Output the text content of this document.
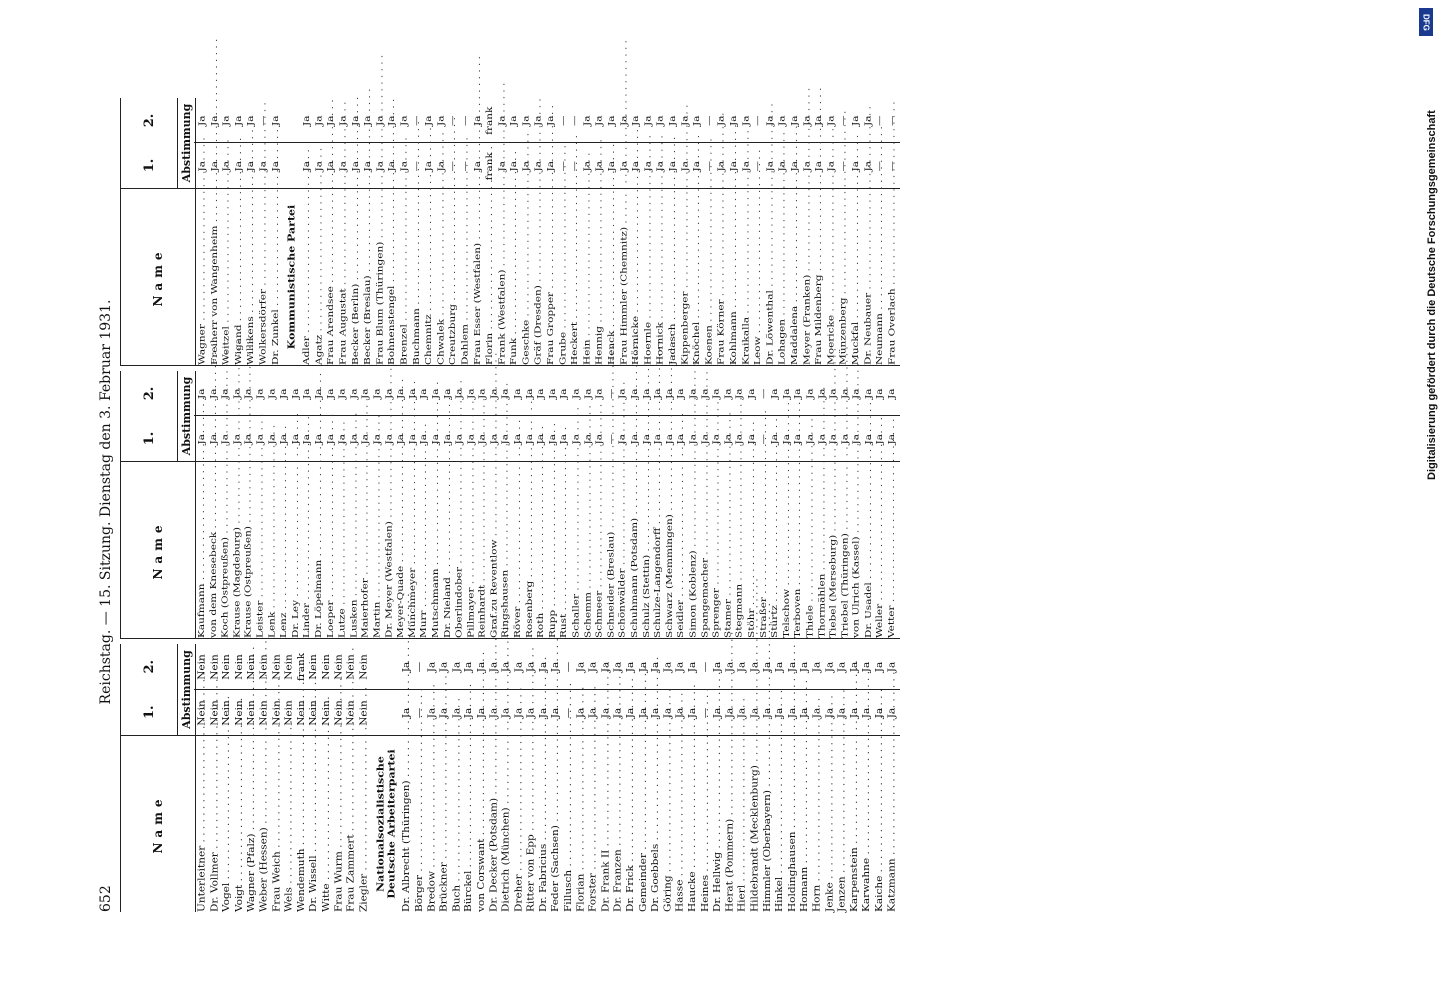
652
Reichstag. — 15. Sitzung. Dienstag den 3. Februar 1931.
Name
1.
2. Abstimmung
Unterleitner . . .
Nein
Nein
Dr. Vollmer . . .
Nein
Nein
Vogel . . .
Nein
Nein
Voigt . . .
Nein
Nein
Wagner (Pfalz) . . .
Nein
Nein
Weber (Hessen) . . .
Nein
Nein
Frau Weich . . .
Nein
Nein
Wels . . .
Nein
Nein
Wendemuth . . .
Nein
frank
Dr. Wissell . . .
Nein
Nein
Witte . . .
Nein
Nein
Frau Wurm . . .
Nein
Nein
Frau Zammert . . .
Nein
Nein
Ziegler . . .
Nein
Nein
Nationalsozialistische Deutsche Arbeiterpartei Dr. Albrecht (Thüringen) . . .
Ja
Ja
Börger . . .
—
—
Bredow . . .
Ja
Ja
Brückner . . .
Ja
Ja
Buch . . .
Ja
Ja
Bürckel . . .
Ja
Ja
von Corswant . . .
Ja
Ja
Dr. Decker (Potsdam) . . .
Ja
Ja
Dietrich (München) . . .
Ja
Ja
Dreher . . .
Ja
Ja
Ritter von Epp . . .
Ja
Ja
Dr. Fabricius . . .
Ja
Ja
Feder (Sachsen) . . .
Ja
Ja
Fillusch . . .
—
—
Florian . . .
Ja
Ja
Forster . . .
Ja
Ja
Dr. Frank II . . .
Ja
Ja
Dr. Franzen . . .
Ja
Ja
Dr. Frick . . .
Ja
Ja
Gemeinder . . .
Ja
Ja
Dr. Goebbels . . .
Ja
Ja
Göring . . .
Ja
Ja
Hasse . . .
Ja
Ja
Haucke . . .
Ja
Ja
Heines . . .
—
—
Dr. Hellwig . . .
Ja
Ja
Herat (Pommern) . . .
Ja
Ja
Hierl . . .
Ja
Ja
Hildebrandt (Mecklenburg) . . .
Ja
Ja
Himmler (Oberbayern) . . .
Ja
Ja
Hinkel . . .
Ja
Ja
Holdinghausen . . .
Ja
Ja
Homann . . .
Ja
Ja
Horn . . .
Ja
Ja
Jenke . . .
Ja
Ja
Jenzen . . .
Ja
Ja
Karpenstein . . .
Ja
Ja
Karwahne . . .
Ja
Ja
Kaiche . . .
Ja
Ja
Katzmann . . .
Ja
Ja
Name
1.
2. Abstimmung
Kaufmann . . .
Ja
Ja
von dem Knesebeck . . .
Ja
Ja
Koch (Ostpreußen) . . .
Ja
Ja
Krause (Magdeburg) . . .
Ja
Ja
Krause (Ostpreußen) . . .
Ja
Ja
Leister . . .
Ja
Ja
Lenk . . .
Ja
Ja
Lenz . . .
Ja
Ja
Dr. Ley . . .
Ja
Ja
Linder . . .
Ja
Ja
Dr. Löpelmann . . .
Ja
Ja
Loeper . . .
Ja
Ja
Lutze . . .
Ja
Ja
Lusken . . .
Ja
Ja
Maierhofer . . .
Ja
Ja
Martin . . .
Ja
Ja
Dr. Meyer (Westfalen) . . .
Ja
Ja
Meyer-Quade . . .
Ja
Ja
Münchmeyer . . .
Ja
Ja
Murr . . .
Ja
Ja
Mutschmann . . .
Ja
Ja
Dr. Nieland . . .
Ja
Ja
Oberlindober . . .
Ja
Ja
Pillmayer . . .
Ja
Ja
Reinhardt . . .
Ja
Ja
Graf zu Reventlow . . .
Ja
Ja
Ringshausen . . .
Ja
Ja
Röver . . .
Ja
Ja
Rosenberg . . .
Ja
Ja
Roth . . .
Ja
Ja
Rupp . . .
Ja
Ja
Rust . . .
Ja
Ja
Schaller . . .
Ja
Ja
Schemm . . .
Ja
Ja
Schmeer . . .
Ja
Ja
Schneider (Breslau) . . .
—
—
Schönwälder . . .
Ja
Ja
Schuhmann (Potsdam) . . .
Ja
Ja
Schulz (Stettin) . . .
Ja
Ja
Schulze-Langendorff . . .
Ja
Ja
Schwarz (Memmingen) . . .
Ja
Ja
Seidler . . .
Ja
Ja
Simon (Koblenz) . . .
Ja
Ja
Spangemacher . . .
Ja
Ja
Sprenger . . .
Ja
Ja
Stamer . . .
Ja
Ja
Stegmann . . .
Ja
Ja
Stöhr . . .
Ja
Ja
Straßer . . .
—
—
Stürtz . . .
Ja
Ja
Telschow . . .
Ja
Ja
Terboven . . .
Ja
Ja
Thiele . . .
Ja
Ja
Thormählen . . .
Ja
Ja
Tiebel (Merseburg) . . .
Ja
Ja
Triebel (Thüringen) . . .
Ja
Ja
von Ulrich (Kassel) . . .
Ja
Ja
Dr. Usadel . . .
Ja
Ja
Weller . . .
Ja
Ja
Vetter . . .
Ja
Ja
Name
1.
2. Abstimmung
Wagner . . .
Ja
Ja
Freiherr von Wangenheim . . .
Ja
Ja
Weitzel . . .
Ja
Ja
Wigand . . .
Ja
Ja
Willikens . . .
Ja
Ja
Wolkersdörfer . . .
Ja
—
Dr. Zunkel . . .
Ja
Ja
Kommunistische Partei
Adler . . .
Ja
Ja
Agatz . . .
Ja
Ja
Frau Arendsee . . .
Ja
Ja
Frau Augustat . . .
Ja
Ja
Becker (Berlin) . . .
Ja
Ja
Becker (Breslau) . . .
Ja
Ja
Frau Blum (Thüringen) . . .
Ja
Ja
Bohnenstengel . . .
Ja
Ja
Brenzel . . .
Ja
Ja
Buchmann . . .
—
—
Chemnitz . . .
Ja
Ja
Chwalek . . .
Ja
Ja
Creutzburg . . .
—
—
Dahlem . . .
—
—
Frau Esser (Westfalen) . . .
Ja
Ja
Florin . . .
frank
frank
Frank (Westfalen) . . .
Ja
Ja
Funk . . .
Ja
Ja
Geschke . . .
Ja
Ja
Gräf (Dresden) . . .
Ja
Ja
Frau Gropper . . .
Ja
Ja
Grube . . .
—
—
Heckert . . .
—
—
Hein . . .
Ja
Ja
Hennig . . .
Ja
Ja
Henck . . .
Ja
Ja
Frau Himmler (Chemnitz) . . .
Ja
Ja
Hörnicke . . .
Ja
Ja
Hoernle . . .
Ja
Ja
Hornick . . .
Ja
Ja
Jadasch . . .
Ja
Ja
Kippenberger . . .
Ja
Ja
Knöchel . . .
Ja
Ja
Koenen . . .
—
—
Frau Körner . . .
Ja
Ja
Kohlmann . . .
Ja
Ja
Kraikalla . . .
Ja
Ja
Leow . . .
—
—
Dr. Löwenthal . . .
Ja
Ja
Lohagen . . .
Ja
Ja
Maddalena . . .
Ja
Ja
Meyer (Franken) . . .
Ja
Ja
Frau Mildenberg . . .
Ja
Ja
Moericke . . .
Ja
Ja
Münzenberg . . .
—
—
Muckfal . . .
Ja
Ja
Dr. Neubauer . . .
Ja
Ja
Neumann . . .
—
—
Frau Overlach . . .
—
—
DFG
Digitalisierung gefördert durch die Deutsche Forschungsgemeinschaft
